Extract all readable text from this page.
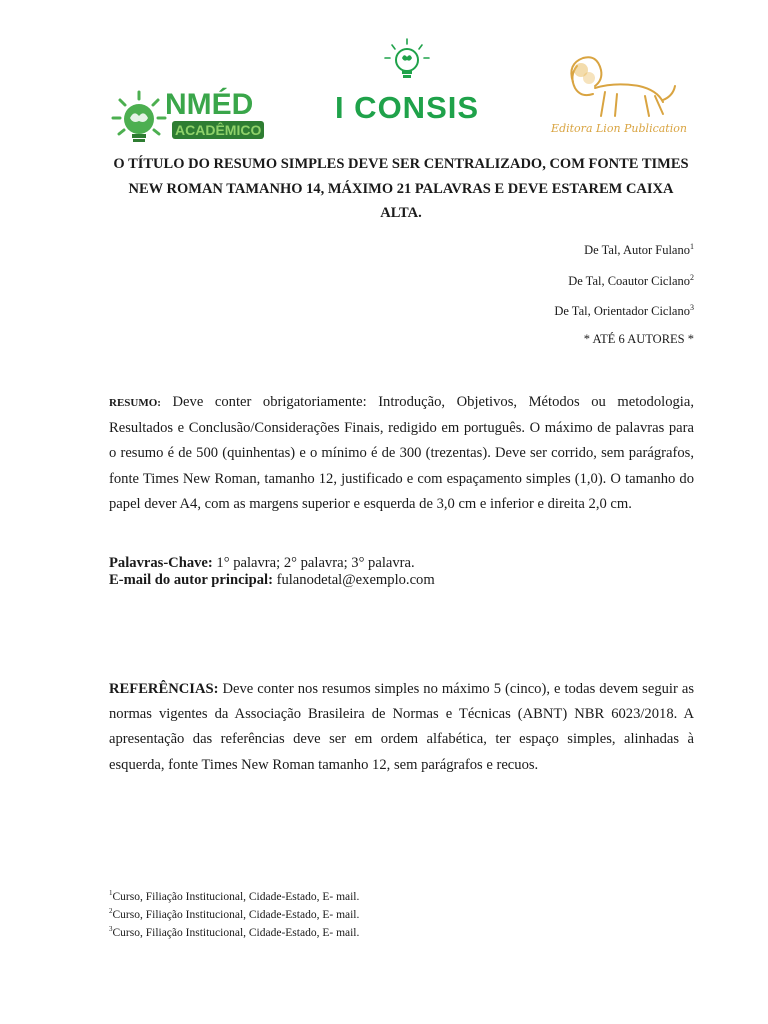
NMÉD
ACADÊMICO
I CONSIS
Editora Lion Publication
O TÍTULO DO RESUMO SIMPLES DEVE SER CENTRALIZADO, COM FONTE TIMES NEW ROMAN TAMANHO 14, MÁXIMO 21 PALAVRAS E DEVE ESTAREM CAIXA ALTA.
De Tal, Autor Fulano$^1$
De Tal, Coautor Ciclano$^2$
De Tal, Orientador Ciclano$^3$
* ATÉ 6 AUTORES *

RESUMO: Deve conter obrigatoriamente: Introdução, Objetivos, Métodos ou metodologia, Resultados e Conclusão/Considerações Finais, redigido em português. O máximo de palavras para o resumo é de 500 (quinhentas) e o mínimo é de 300 (trezentas). Deve ser corrido, sem parágrafos, fonte Times New Roman, tamanho 12, justificado e com espaçamento simples (1,0). O tamanho do papel dever A4, com as margens superior e esquerda de 3,0 cm e inferior e direita 2,0 cm.

Palavras-Chave: 1° palavra; 2° palavra; 3° palavra.
E-mail do autor principal: fulanodetal@exemplo.com

REFERÊNCIAS: Deve conter nos resumos simples no máximo 5 (cinco), e todas devem seguir as normas vigentes da Associação Brasileira de Normas e Técnicas (ABNT) NBR 6023/2018. A apresentação das referências deve ser em ordem alfabética, ter espaço simples, alinhadas à esquerda, fonte Times New Roman tamanho 12, sem parágrafos e recuos.

$^1$Curso, Filiação Institucional, Cidade-Estado, E- mail.
$^2$Curso, Filiação Institucional, Cidade-Estado, E- mail.
$^3$Curso, Filiação Institucional, Cidade-Estado, E- mail.
